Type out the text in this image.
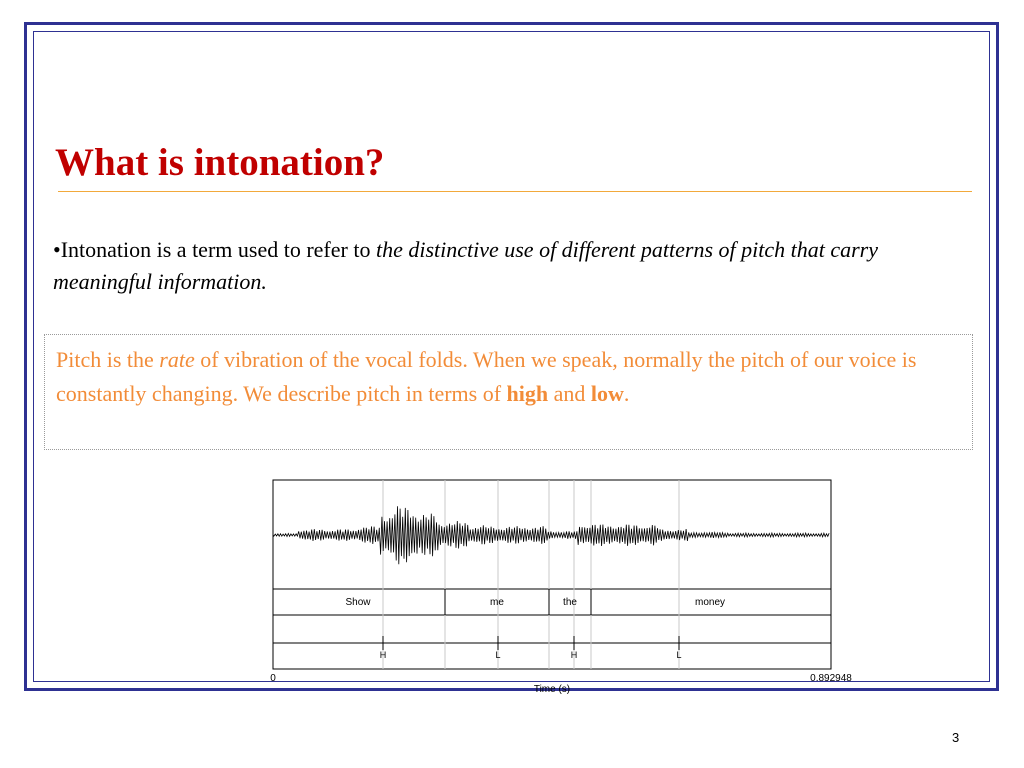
What is intonation?
•Intonation is a term used to refer to the distinctive use of different patterns of pitch that carry meaningful information.
Pitch is the rate of vibration of the vocal folds. When we speak, normally the pitch of our voice is constantly changing. We describe pitch in terms of high and low.
Show	me	the	money
H	L	H	L
0	0.892948
Time (s)
3
